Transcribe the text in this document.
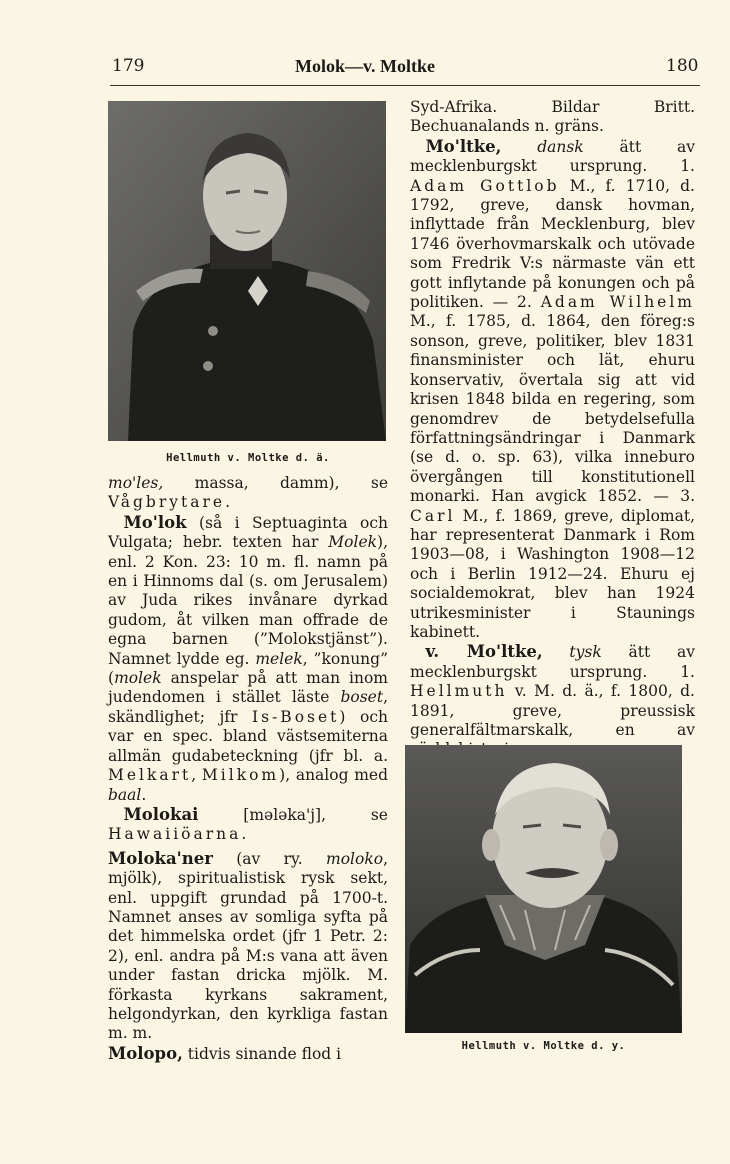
179	Molok—v. Moltke	180
Hellmuth v. Moltke d. ä.

mo'les, massa, damm), se Vågbrytare.

 Mo'lok (så i Septuaginta och Vulgata; hebr. texten har Molek), enl. 2 Kon. 23: 10 m. fl. namn på en i Hinnoms dal (s. om Jerusalem) av Juda rikes invånare dyrkad gudom, åt vilken man offrade de egna barnen (”Molokstjänst”). Namnet lydde eg. melek, ”konung” (molek anspelar på att man inom judendomen i stället läste boset, skändlighet; jfr Is-Boset) och var en spec. bland västsemiterna allmän gudabeteckning (jfr bl. a. Melkart, Milkom), analog med baal.

 Molokai [mələka'j], se Hawaiiöarna.

Moloka'ner (av ry. moloko, mjölk), spiritualistisk rysk sekt, enl. uppgift grundad på 1700-t. Namnet anses av somliga syfta på det himmelska ordet (jfr 1 Petr. 2: 2), enl. andra på M:s vana att även under fastan dricka mjölk. M. förkasta kyrkans sakrament, helgondyrkan, den kyrkliga fastan m. m.

Molopo, tidvis sinande flod i

Syd-Afrika. Bildar Britt. Bechuanalands n. gräns.

 Mo'ltke, dansk ätt av mecklenburgskt ursprung. 1. Adam Gottlob M., f. 1710, d. 1792, greve, dansk hovman, inflyttade från Mecklenburg, blev 1746 överhovmarskalk och utövade som Fredrik V:s närmaste vän ett gott inflytande på konungen och på politiken. — 2. Adam Wilhelm M., f. 1785, d. 1864, den föreg:s sonson, greve, politiker, blev 1831 finansminister och lät, ehuru konservativ, övertala sig att vid krisen 1848 bilda en regering, som genomdrev de betydelsefulla författningsändringar i Danmark (se d. o. sp. 63), vilka inneburo övergången till konstitutionell monarki. Han avgick 1852. — 3. Carl M., f. 1869, greve, diplomat, har representerat Danmark i Rom 1903—08, i Washington 1908—12 och i Berlin 1912—24. Ehuru ej socialdemokrat, blev han 1924 utrikesminister i Staunings kabinett.

 v. Mo'ltke, tysk ätt av mecklenburgskt ursprung. 1. Hellmuth v. M. d. ä., f. 1800, d. 1891, greve, preussisk generalfältmarskalk, en av

Hellmuth v. Moltke d. y.
